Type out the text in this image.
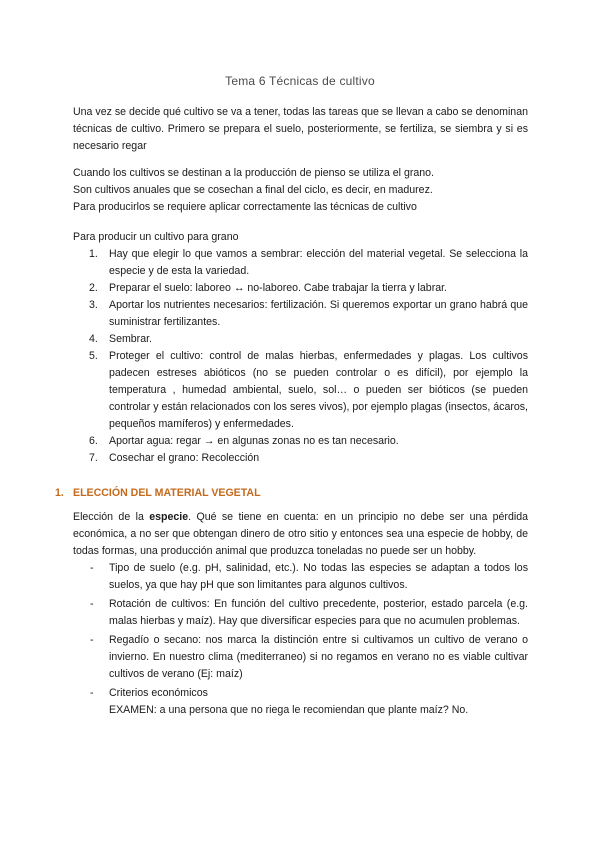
Tema 6 Técnicas de cultivo
Una vez se decide qué cultivo se va a tener, todas las tareas que se llevan a cabo se denominan técnicas de cultivo. Primero se prepara el suelo, posteriormente, se fertiliza, se siembra y si es necesario regar
Cuando los cultivos se destinan a la producción de pienso se utiliza el grano.
Son cultivos anuales que se cosechan a final del ciclo, es decir, en madurez.
Para producirlos se requiere aplicar correctamente las técnicas de cultivo
Para producir un cultivo para grano
1. Hay que elegir lo que vamos a sembrar: elección del material vegetal. Se selecciona la especie y de esta la variedad.
2. Preparar el suelo: laboreo ↔ no-laboreo. Cabe trabajar la tierra y labrar.
3. Aportar los nutrientes necesarios: fertilización. Si queremos exportar un grano habrá que suministrar fertilizantes.
4. Sembrar.
5. Proteger el cultivo: control de malas hierbas, enfermedades y plagas. Los cultivos padecen estreses abióticos (no se pueden controlar o es difícil), por ejemplo la temperatura , humedad ambiental, suelo, sol… o pueden ser bióticos (se pueden controlar y están relacionados con los seres vivos), por ejemplo plagas (insectos, ácaros, pequeños mamíferos) y enfermedades.
6. Aportar agua: regar → en algunas zonas no es tan necesario.
7. Cosechar el grano: Recolección
1. ELECCIÓN DEL MATERIAL VEGETAL
Elección de la especie. Qué se tiene en cuenta: en un principio no debe ser una pérdida económica, a no ser que obtengan dinero de otro sitio y entonces sea una especie de hobby, de todas formas, una producción animal que produzca toneladas no puede ser un hobby.
- Tipo de suelo (e.g. pH, salinidad, etc.). No todas las especies se adaptan a todos los suelos, ya que hay pH que son limitantes para algunos cultivos.
- Rotación de cultivos: En función del cultivo precedente, posterior, estado parcela (e.g. malas hierbas y maíz). Hay que diversificar especies para que no acumulen problemas.
- Regadío o secano: nos marca la distinción entre si cultivamos un cultivo de verano o invierno. En nuestro clima (mediterraneo) si no regamos en verano no es viable cultivar cultivos de verano (Ej: maíz)
- Criterios económicos
EXAMEN: a una persona que no riega le recomiendan que plante maíz? No.
